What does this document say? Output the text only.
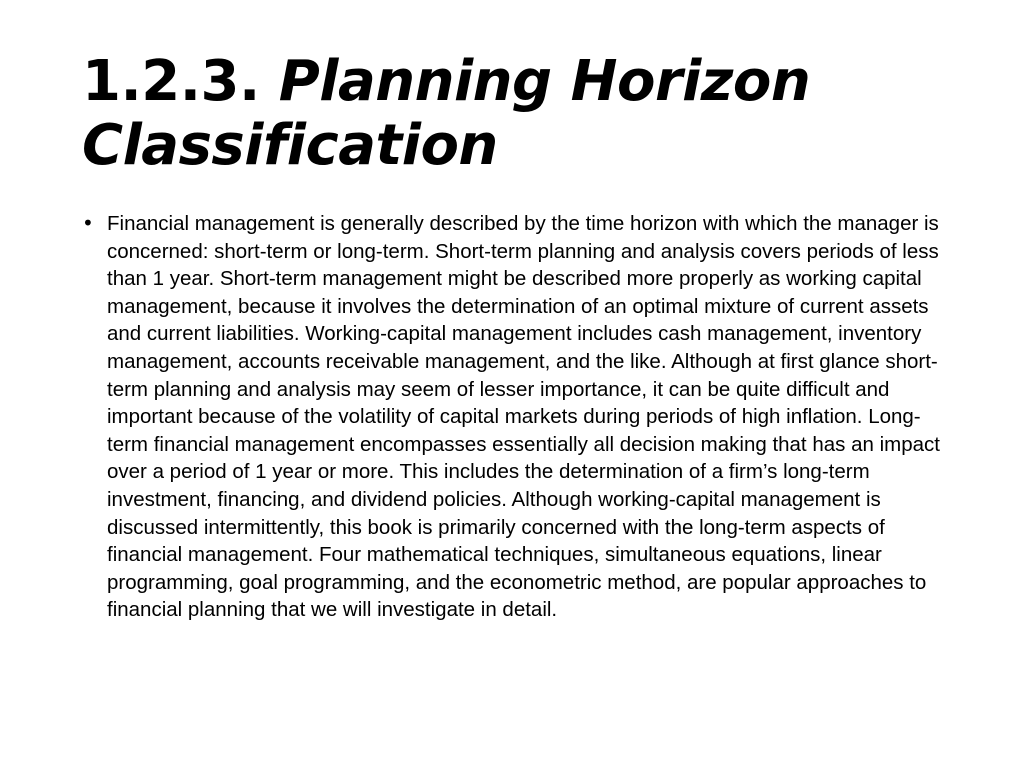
1.2.3. Planning Horizon Classification
• Financial management is generally described by the time horizon with which the manager is concerned: short-term or long-term. Short-term planning and analysis covers periods of less than 1 year. Short-term management might be described more properly as working capital management, because it involves the determination of an optimal mixture of current assets and current liabilities. Working-capital management includes cash management, inventory management, accounts receivable management, and the like. Although at first glance short-term planning and analysis may seem of lesser importance, it can be quite difficult and important because of the volatility of capital markets during periods of high inflation. Long-term financial management encompasses essentially all decision making that has an impact over a period of 1 year or more. This includes the determination of a firm’s long-term investment, financing, and dividend policies. Although working-capital management is discussed intermittently, this book is primarily concerned with the long-term aspects of financial management. Four mathematical techniques, simultaneous equations, linear programming, goal programming, and the econometric method, are popular approaches to financial planning that we will investigate in detail.
